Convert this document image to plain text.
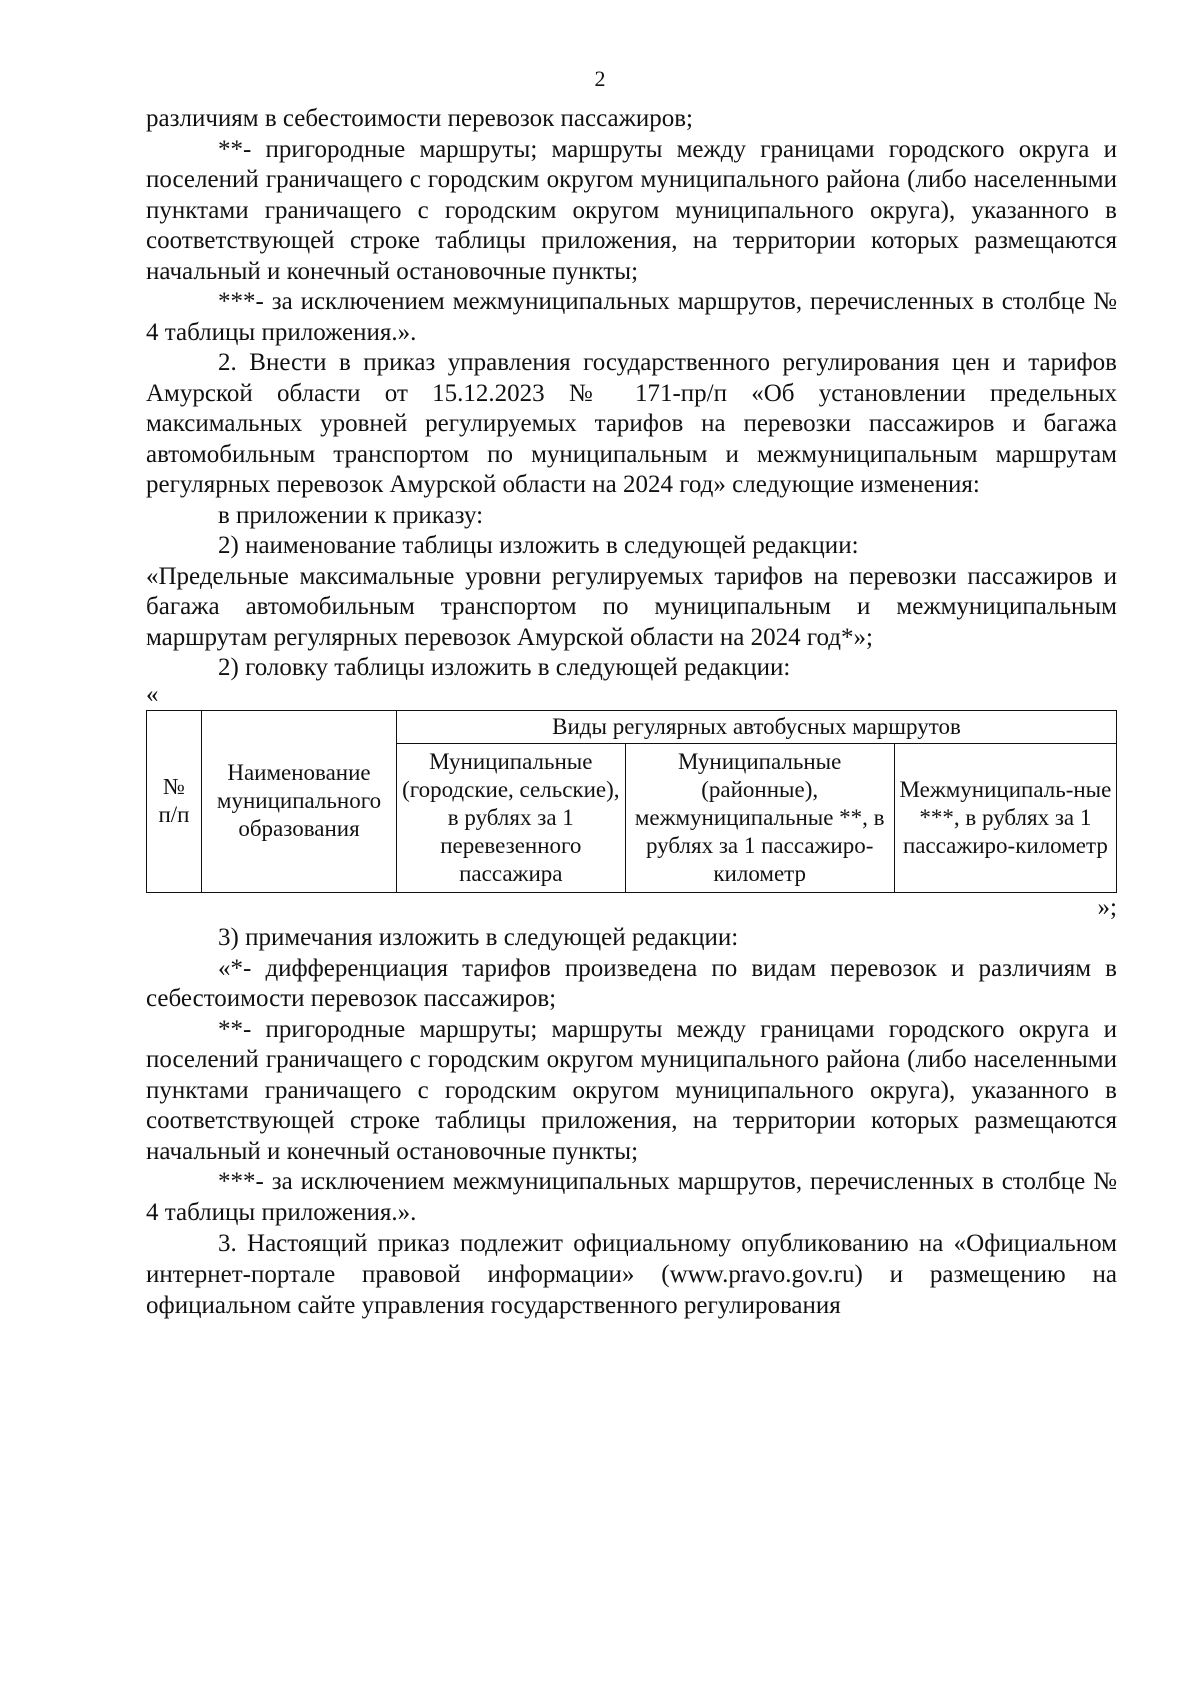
2

различиям в себестоимости перевозок пассажиров;

**- пригородные маршруты; маршруты между границами городского округа и поселений граничащего с городским округом муниципального района (либо населенными пунктами граничащего с городским округом муниципального округа), указанного в соответствующей строке таблицы приложения, на территории которых размещаются начальный и конечный остановочные пункты;

***- за исключением межмуниципальных маршрутов, перечисленных в столбце № 4 таблицы приложения.».

2. Внести в приказ управления государственного регулирования цен и тарифов Амурской области от 15.12.2023 № 171-пр/п «Об установлении предельных максимальных уровней регулируемых тарифов на перевозки пассажиров и багажа автомобильным транспортом по муниципальным и межмуниципальным маршрутам регулярных перевозок Амурской области на 2024 год» следующие изменения:

в приложении к приказу:

2) наименование таблицы изложить в следующей редакции:

«Предельные максимальные уровни регулируемых тарифов на перевозки пассажиров и багажа автомобильным транспортом по муниципальным и межмуниципальным маршрутам регулярных перевозок Амурской области на 2024 год*»;

2) головку таблицы изложить в следующей редакции:

«

№ п/п	Наименование муниципального образования	Виды регулярных автобусных маршрутов		
		Муниципальные (городские, сельские), в рублях за 1 перевезенного пассажира	Муниципальные (районные), межмуниципальные **, в рублях за 1 пассажиро-километр	Межмуниципаль-ные ***, в рублях за 1 пассажиро-километр

»;

3) примечания изложить в следующей редакции:

«*- дифференциация тарифов произведена по видам перевозок и различиям в себестоимости перевозок пассажиров;

**- пригородные маршруты; маршруты между границами городского округа и поселений граничащего с городским округом муниципального района (либо населенными пунктами граничащего с городским округом муниципального округа), указанного в соответствующей строке таблицы приложения, на территории которых размещаются начальный и конечный остановочные пункты;

***- за исключением межмуниципальных маршрутов, перечисленных в столбце № 4 таблицы приложения.».

3. Настоящий приказ подлежит официальному опубликованию на «Официальном интернет-портале правовой информации» (www.pravo.gov.ru) и размещению на официальном сайте управления государственного регулирования
